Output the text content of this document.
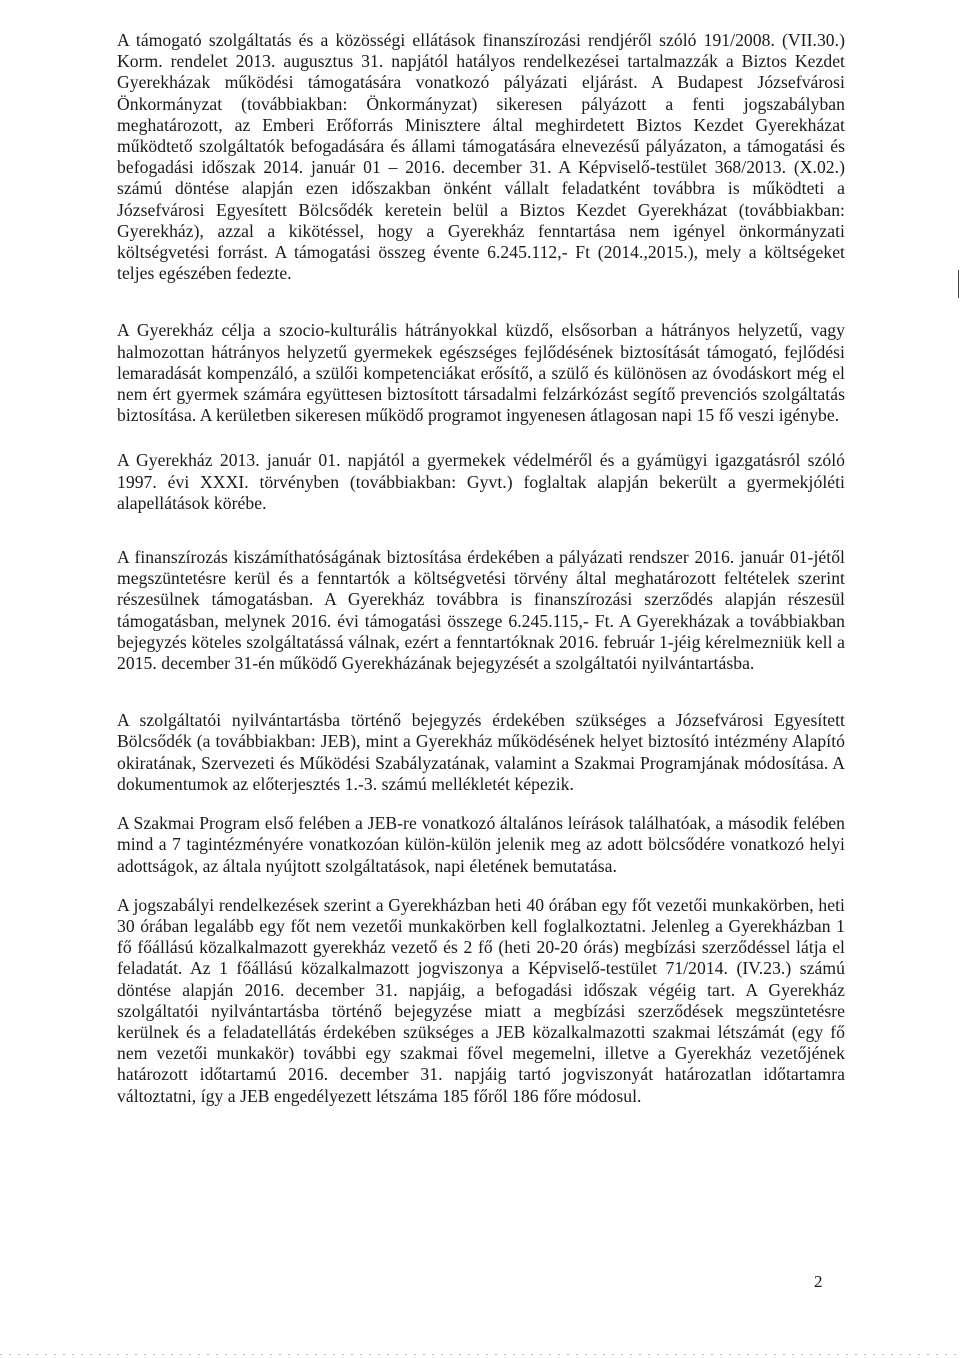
A támogató szolgáltatás és a közösségi ellátások finanszírozási rendjéről szóló 191/2008. (VII.30.) Korm. rendelet 2013. augusztus 31. napjától hatályos rendelkezései tartalmazzák a Biztos Kezdet Gyerekházak működési támogatására vonatkozó pályázati eljárást. A Budapest Józsefvárosi Önkormányzat (továbbiakban: Önkormányzat) sikeresen pályázott a fenti jogszabályban meghatározott, az Emberi Erőforrás Minisztere által meghirdetett Biztos Kezdet Gyerekházat működtető szolgáltatók befogadására és állami támogatására elnevezésű pályázaton, a támogatási és befogadási időszak 2014. január 01 – 2016. december 31. A Képviselő-testület 368/2013. (X.02.) számú döntése alapján ezen időszakban önként vállalt feladatként továbbra is működteti a Józsefvárosi Egyesített Bölcsődék keretein belül a Biztos Kezdet Gyerekházat (továbbiakban: Gyerekház), azzal a kikötéssel, hogy a Gyerekház fenntartása nem igényel önkormányzati költségvetési forrást. A támogatási összeg évente 6.245.112,- Ft (2014.,2015.), mely a költségeket teljes egészében fedezte.

A Gyerekház célja a szocio-kulturális hátrányokkal küzdő, elsősorban a hátrányos helyzetű, vagy halmozottan hátrányos helyzetű gyermekek egészséges fejlődésének biztosítását támogató, fejlődési lemaradását kompenzáló, a szülői kompetenciákat erősítő, a szülő és különösen az óvodáskort még el nem ért gyermek számára együttesen biztosított társadalmi felzárkózást segítő prevenciós szolgáltatás biztosítása. A kerületben sikeresen működő programot ingyenesen átlagosan napi 15 fő veszi igénybe.

A Gyerekház 2013. január 01. napjától a gyermekek védelméről és a gyámügyi igazgatásról szóló 1997. évi XXXI. törvényben (továbbiakban: Gyvt.) foglaltak alapján bekerült a gyermekjóléti alapellátások körébe.

A finanszírozás kiszámíthatóságának biztosítása érdekében a pályázati rendszer 2016. január 01-jétől megszüntetésre kerül és a fenntartók a költségvetési törvény által meghatározott feltételek szerint részesülnek támogatásban. A Gyerekház továbbra is finanszírozási szerződés alapján részesül támogatásban, melynek 2016. évi támogatási összege 6.245.115,- Ft. A Gyerekházak a továbbiakban bejegyzés köteles szolgáltatássá válnak, ezért a fenntartóknak 2016. február 1-jéig kérelmezniük kell a 2015. december 31-én működő Gyerekházának bejegyzését a szolgáltatói nyilvántartásba.

A szolgáltatói nyilvántartásba történő bejegyzés érdekében szükséges a Józsefvárosi Egyesített Bölcsődék (a továbbiakban: JEB), mint a Gyerekház működésének helyet biztosító intézmény Alapító okiratának, Szervezeti és Működési Szabályzatának, valamint a Szakmai Programjának módosítása. A dokumentumok az előterjesztés 1.-3. számú mellékletét képezik.

A Szakmai Program első felében a JEB-re vonatkozó általános leírások találhatóak, a második felében mind a 7 tagintézményére vonatkozóan külön-külön jelenik meg az adott bölcsődére vonatkozó helyi adottságok, az általa nyújtott szolgáltatások, napi életének bemutatása.

A jogszabályi rendelkezések szerint a Gyerekházban heti 40 órában egy főt vezetői munkakörben, heti 30 órában legalább egy főt nem vezetői munkakörben kell foglalkoztatni. Jelenleg a Gyerekházban 1 fő főállású közalkalmazott gyerekház vezető és 2 fő (heti 20-20 órás) megbízási szerződéssel látja el feladatát. Az 1 főállású közalkalmazott jogviszonya a Képviselő-testület 71/2014. (IV.23.) számú döntése alapján 2016. december 31. napjáig, a befogadási időszak végéig tart. A Gyerekház szolgáltatói nyilvántartásba történő bejegyzése miatt a megbízási szerződések megszüntetésre kerülnek és a feladatellátás érdekében szükséges a JEB közalkalmazotti szakmai létszámát (egy fő nem vezetői munkakör) további egy szakmai fővel megemelni, illetve a Gyerekház vezetőjének határozott időtartamú 2016. december 31. napjáig tartó jogviszonyát határozatlan időtartamra változtatni, így a JEB engedélyezett létszáma 185 főről 186 főre módosul.

2
